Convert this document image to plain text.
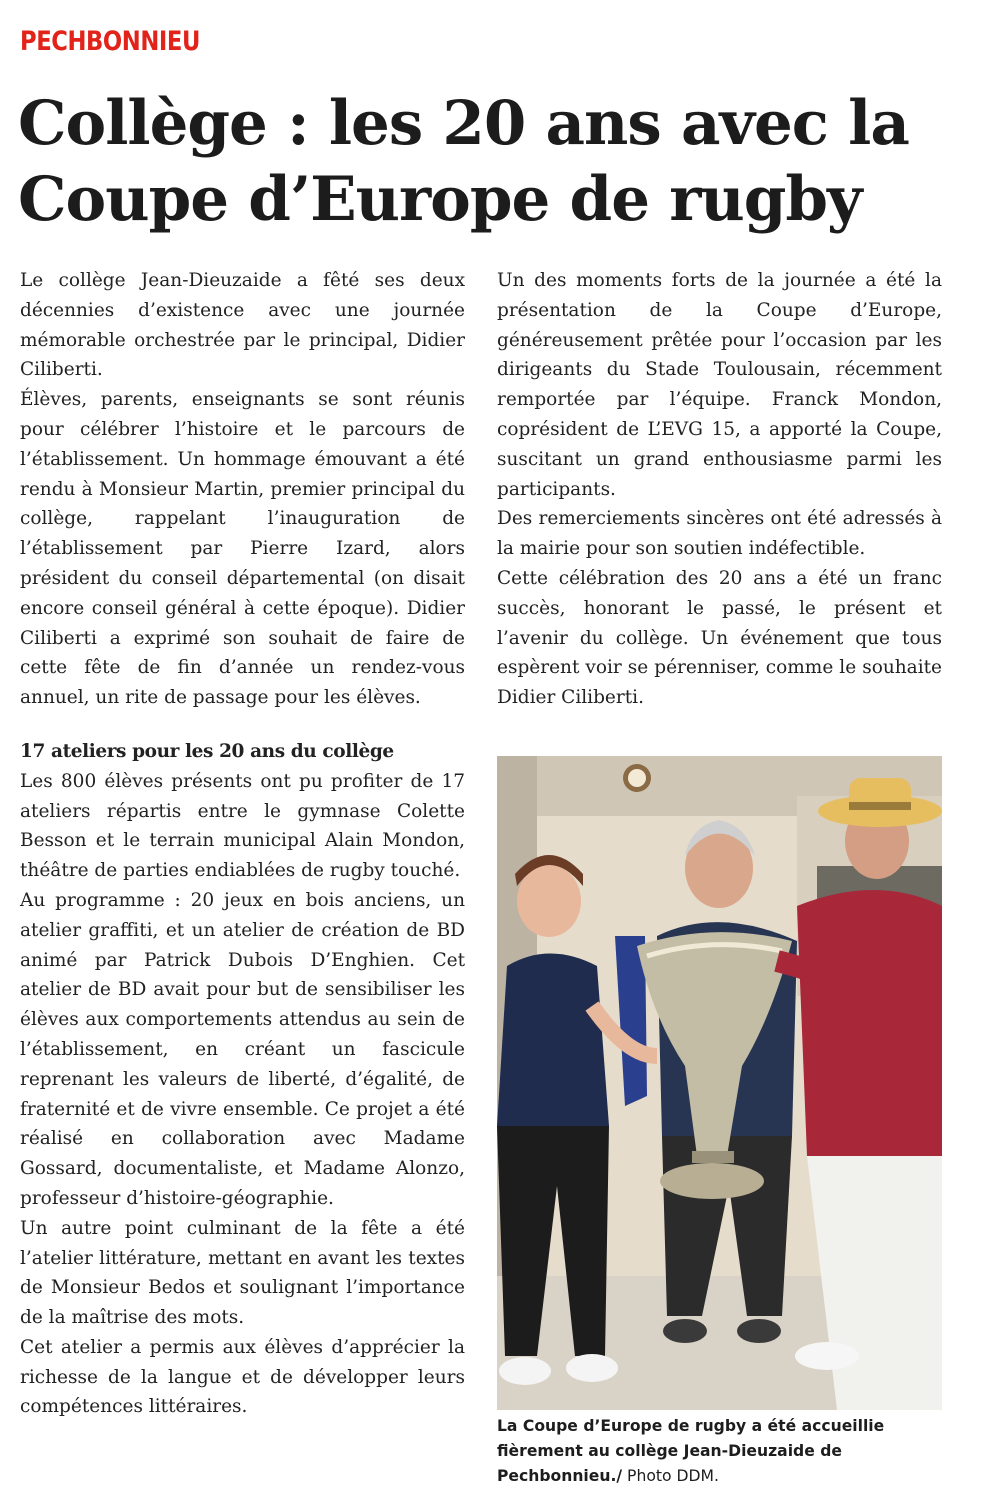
PECHBONNIEU
Collège : les 20 ans avec la Coupe d’Europe de rugby

Le collège Jean-Dieuzaide a fêté ses deux décennies d’existence avec une journée mémorable orchestrée par le principal, Didier Ciliberti.

Élèves, parents, enseignants se sont réunis pour célébrer l’histoire et le parcours de l’établissement. Un hommage émouvant a été rendu à Monsieur Martin, premier principal du collège, rappelant l’inauguration de l’établissement par Pierre Izard, alors président du conseil départemental (on disait encore conseil général à cette époque). Didier Ciliberti a exprimé son souhait de faire de cette fête de fin d’année un rendez-vous annuel, un rite de passage pour les élèves.

17 ateliers pour les 20 ans du collège

Les 800 élèves présents ont pu profiter de 17 ateliers répartis entre le gymnase Colette Besson et le terrain municipal Alain Mondon, théâtre de parties endiablées de rugby touché.

Au programme : 20 jeux en bois anciens, un atelier graffiti, et un atelier de création de BD animé par Patrick Dubois D’Enghien. Cet atelier de BD avait pour but de sensibiliser les élèves aux comportements attendus au sein de l’établissement, en créant un fascicule reprenant les valeurs de liberté, d’égalité, de fraternité et de vivre ensemble. Ce projet a été réalisé en collaboration avec Madame Gossard, documentaliste, et Madame Alonzo, professeur d’histoire-géographie.

Un autre point culminant de la fête a été l’atelier littérature, mettant en avant les textes de Monsieur Bedos et soulignant l’importance de la maîtrise des mots.

Cet atelier a permis aux élèves d’apprécier la richesse de la langue et de développer leurs compétences littéraires.

Un des moments forts de la journée a été la présentation de la Coupe d’Europe, généreusement prêtée pour l’occasion par les dirigeants du Stade Toulousain, récemment remportée par l’équipe. Franck Mondon, coprésident de L’EVG 15, a apporté la Coupe, suscitant un grand enthousiasme parmi les participants.

Des remerciements sincères ont été adressés à la mairie pour son soutien indéfectible.

Cette célébration des 20 ans a été un franc succès, honorant le passé, le présent et l’avenir du collège. Un événement que tous espèrent voir se pérenniser, comme le souhaite Didier Ciliberti.

La Coupe d’Europe de rugby a été accueillie fièrement au collège Jean-Dieuzaide de Pechbonnieu./ Photo DDM.
